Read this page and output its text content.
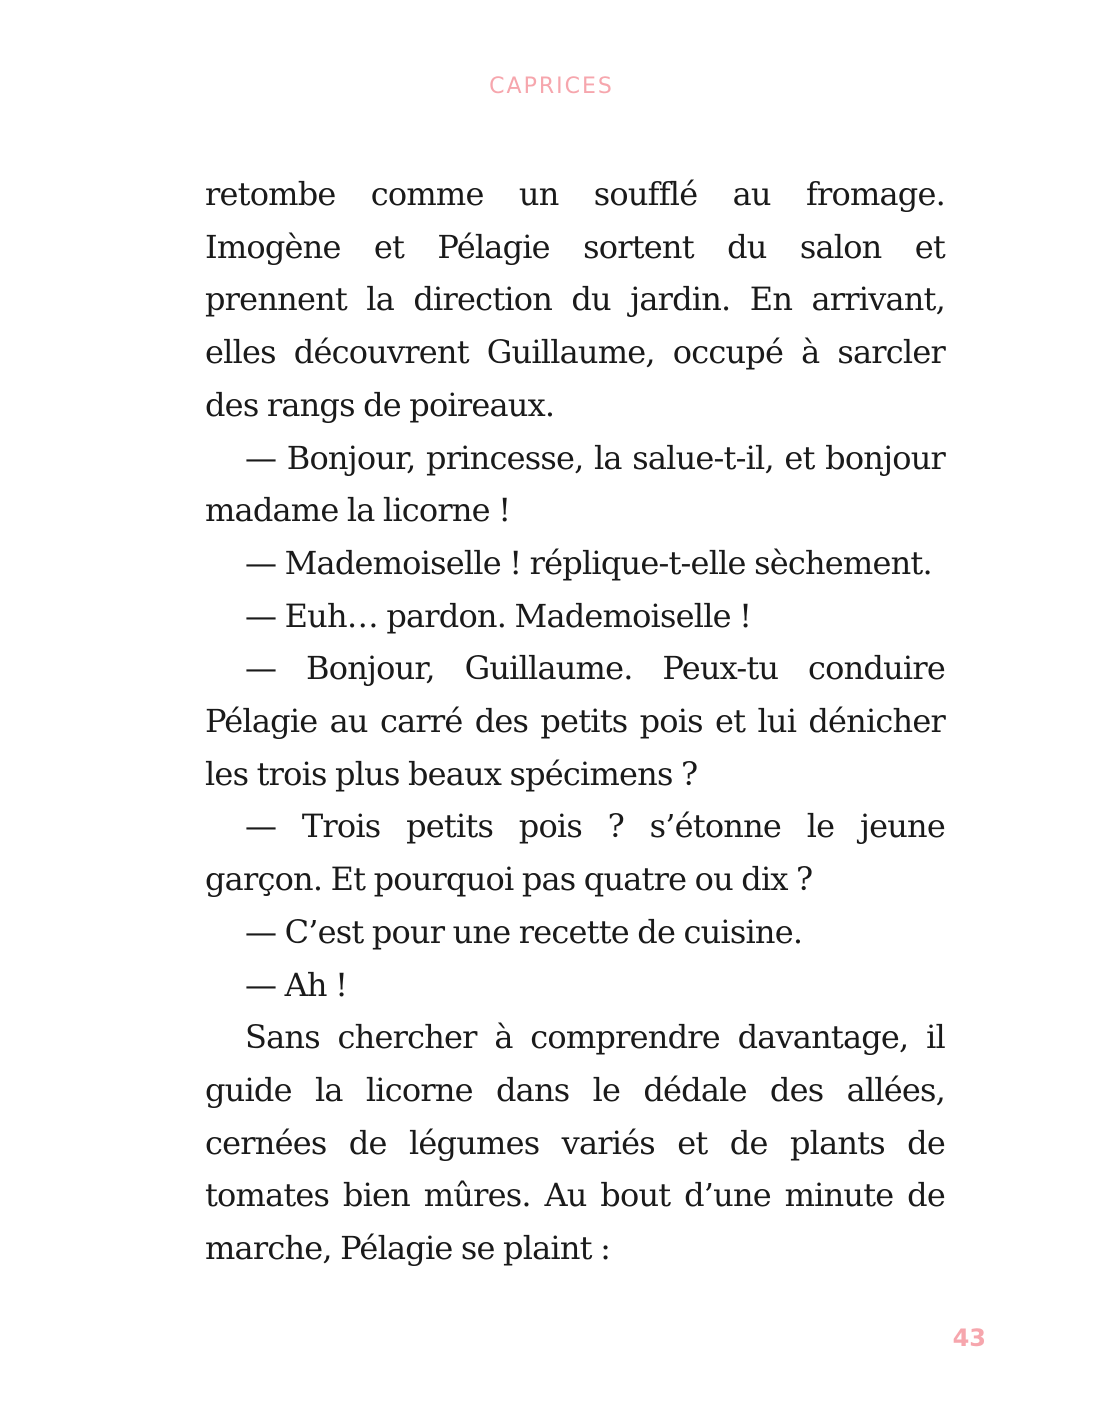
CAPRICES

retombe comme un soufflé au fromage. Imogène et Pélagie sortent du salon et prennent la direction du jardin. En arrivant, elles découvrent Guillaume, occupé à sarcler des rangs de poireaux.

— Bonjour, princesse, la salue-t-il, et bonjour madame la licorne !

— Mademoiselle ! réplique-t-elle sèchement.

— Euh… pardon. Mademoiselle !

— Bonjour, Guillaume. Peux-tu conduire Pélagie au carré des petits pois et lui dénicher les trois plus beaux spécimens ?

— Trois petits pois ? s’étonne le jeune garçon. Et pourquoi pas quatre ou dix ?

— C’est pour une recette de cuisine.

— Ah !

Sans chercher à comprendre davantage, il guide la licorne dans le dédale des allées, cernées de légumes variés et de plants de tomates bien mûres. Au bout d’une minute de marche, Pélagie se plaint :

43
